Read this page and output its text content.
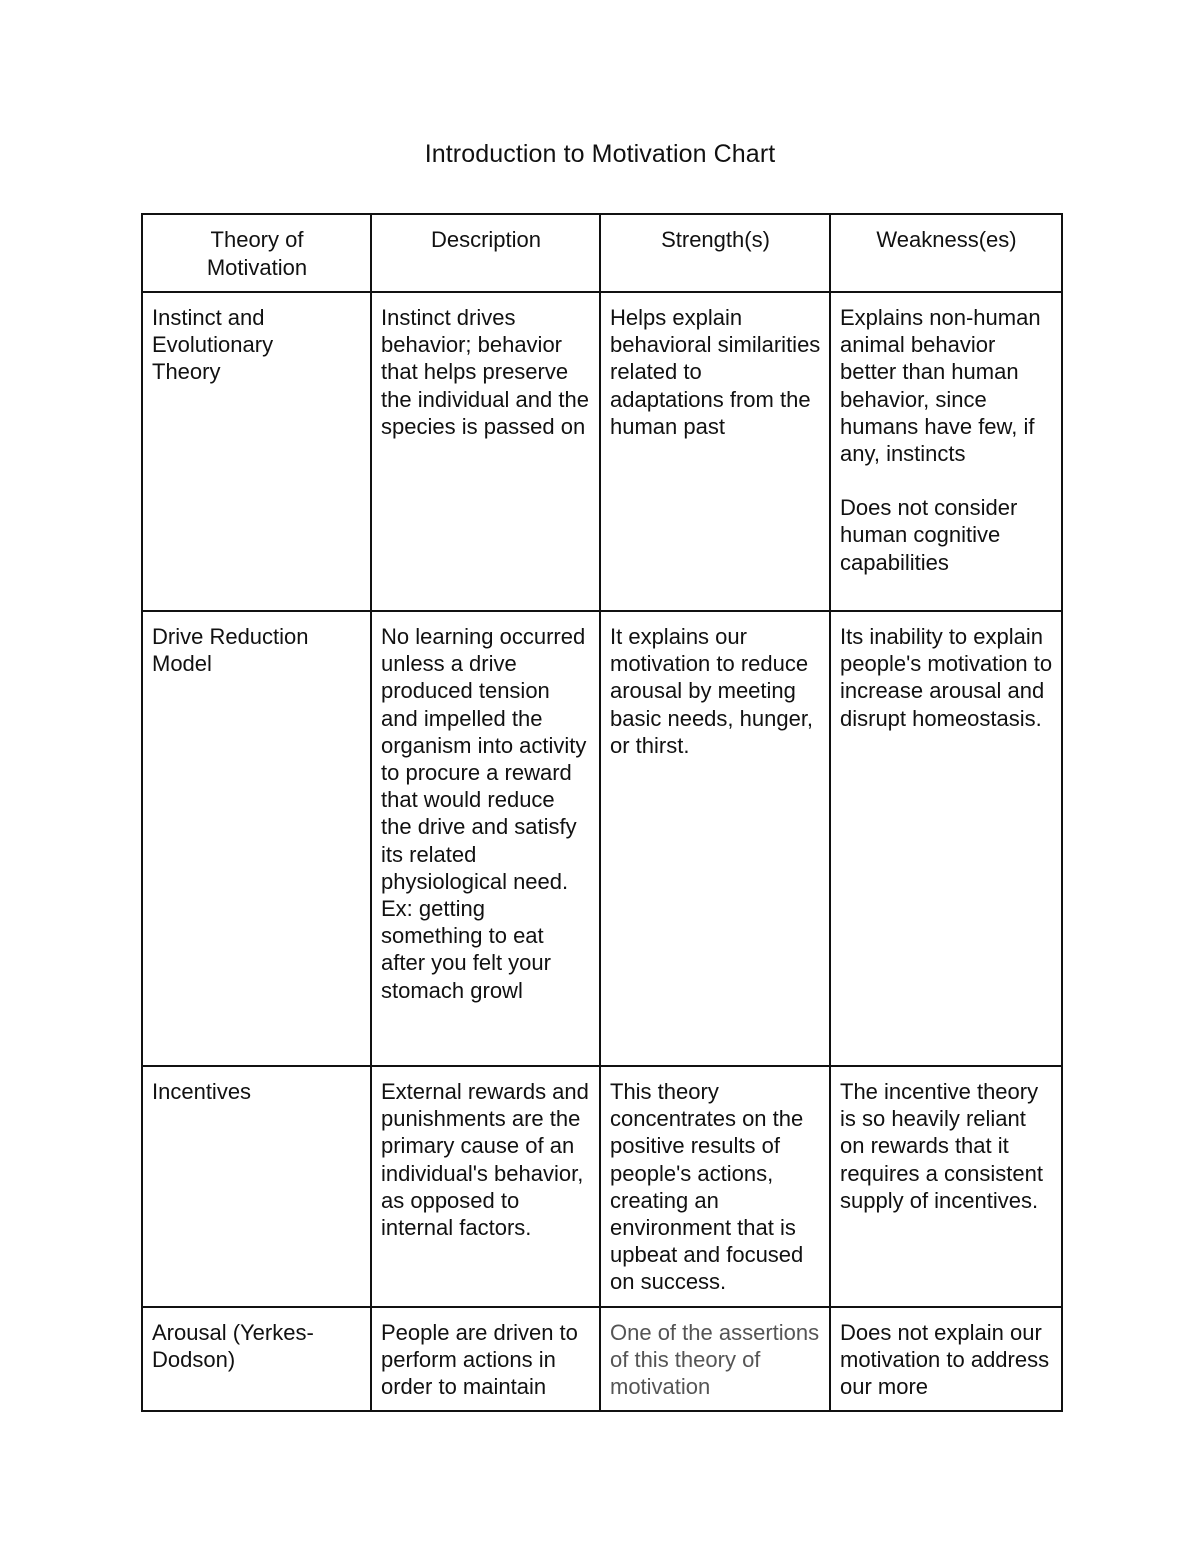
Introduction to Motivation Chart
Theory of Motivation	Description	Strength(s)	Weakness(es)

Instinct and Evolutionary Theory	Instinct drives behavior; behavior that helps preserve the individual and the species is passed on	Helps explain behavioral similarities related to adaptations from the human past	Explains non-human animal behavior better than human behavior, since humans have few, if any, instincts
Does not consider human cognitive capabilities

Drive Reduction Model	No learning occurred unless a drive produced tension and impelled the organism into activity to procure a reward that would reduce the drive and satisfy its related physiological need. Ex: getting something to eat after you felt your stomach growl	It explains our motivation to reduce arousal by meeting basic needs, hunger, or thirst.	Its inability to explain people's motivation to increase arousal and disrupt homeostasis.
Incentives	External rewards and punishments are the primary cause of an individual's behavior, as opposed to internal factors.	This theory concentrates on the positive results of people's actions, creating an environment that is upbeat and focused on success.	The incentive theory is so heavily reliant on rewards that it requires a consistent supply of incentives.

Arousal (Yerkes-Dodson)	People are driven to perform actions in order to maintain	One of the assertions of this theory of motivation	Does not explain our motivation to address our more
